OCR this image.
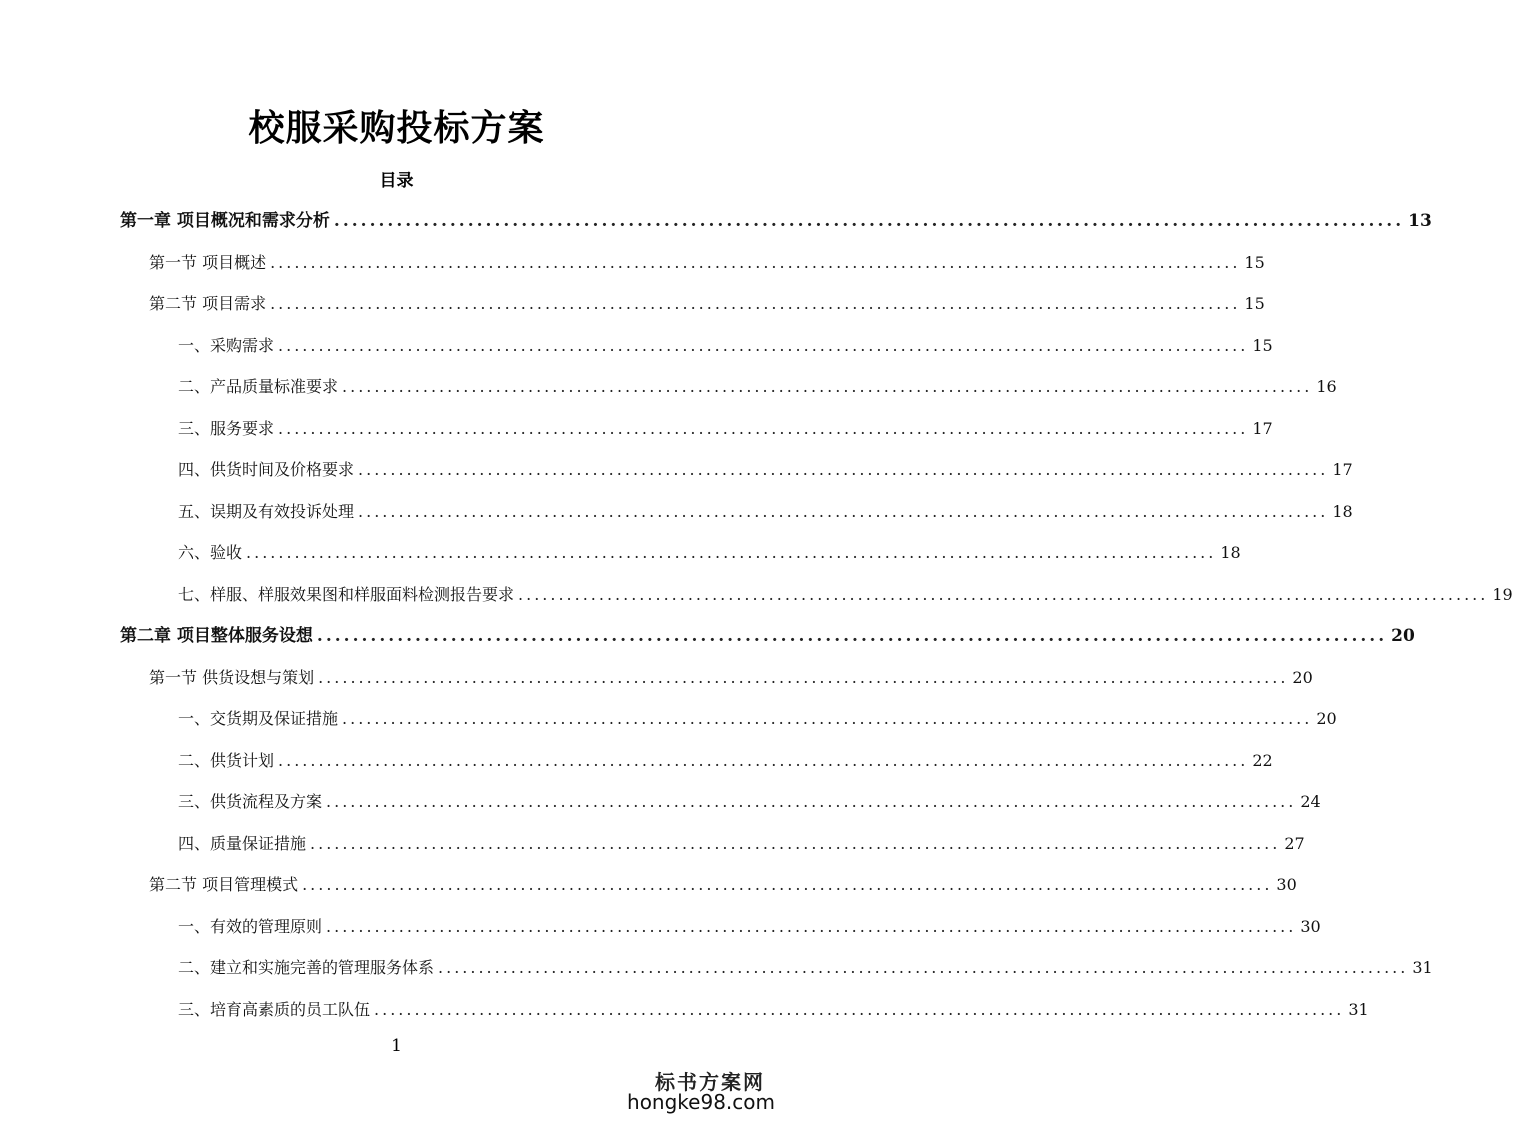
校服采购投标方案
目录
第一章 项目概况和需求分析 ........................................................................................................................ 13
第一节 项目概述 ........................................................................................................................ 15
第二节 项目需求 ........................................................................................................................ 15
一、采购需求 ........................................................................................................................ 15
二、产品质量标准要求 ........................................................................................................................ 16
三、服务要求 ........................................................................................................................ 17
四、供货时间及价格要求 ........................................................................................................................ 17
五、误期及有效投诉处理 ........................................................................................................................ 18
六、验收 ........................................................................................................................ 18
七、样服、样服效果图和样服面料检测报告要求 ........................................................................................................................ 19
第二章 项目整体服务设想 ........................................................................................................................ 20
第一节 供货设想与策划 ........................................................................................................................ 20
一、交货期及保证措施 ........................................................................................................................ 20
二、供货计划 ........................................................................................................................ 22
三、供货流程及方案 ........................................................................................................................ 24
四、质量保证措施 ........................................................................................................................ 27
第二节 项目管理模式 ........................................................................................................................ 30
一、有效的管理原则 ........................................................................................................................ 30
二、建立和实施完善的管理服务体系 ........................................................................................................................ 31
三、培育高素质的员工队伍 ........................................................................................................................ 31
1
标书方案网
hongke98.com
